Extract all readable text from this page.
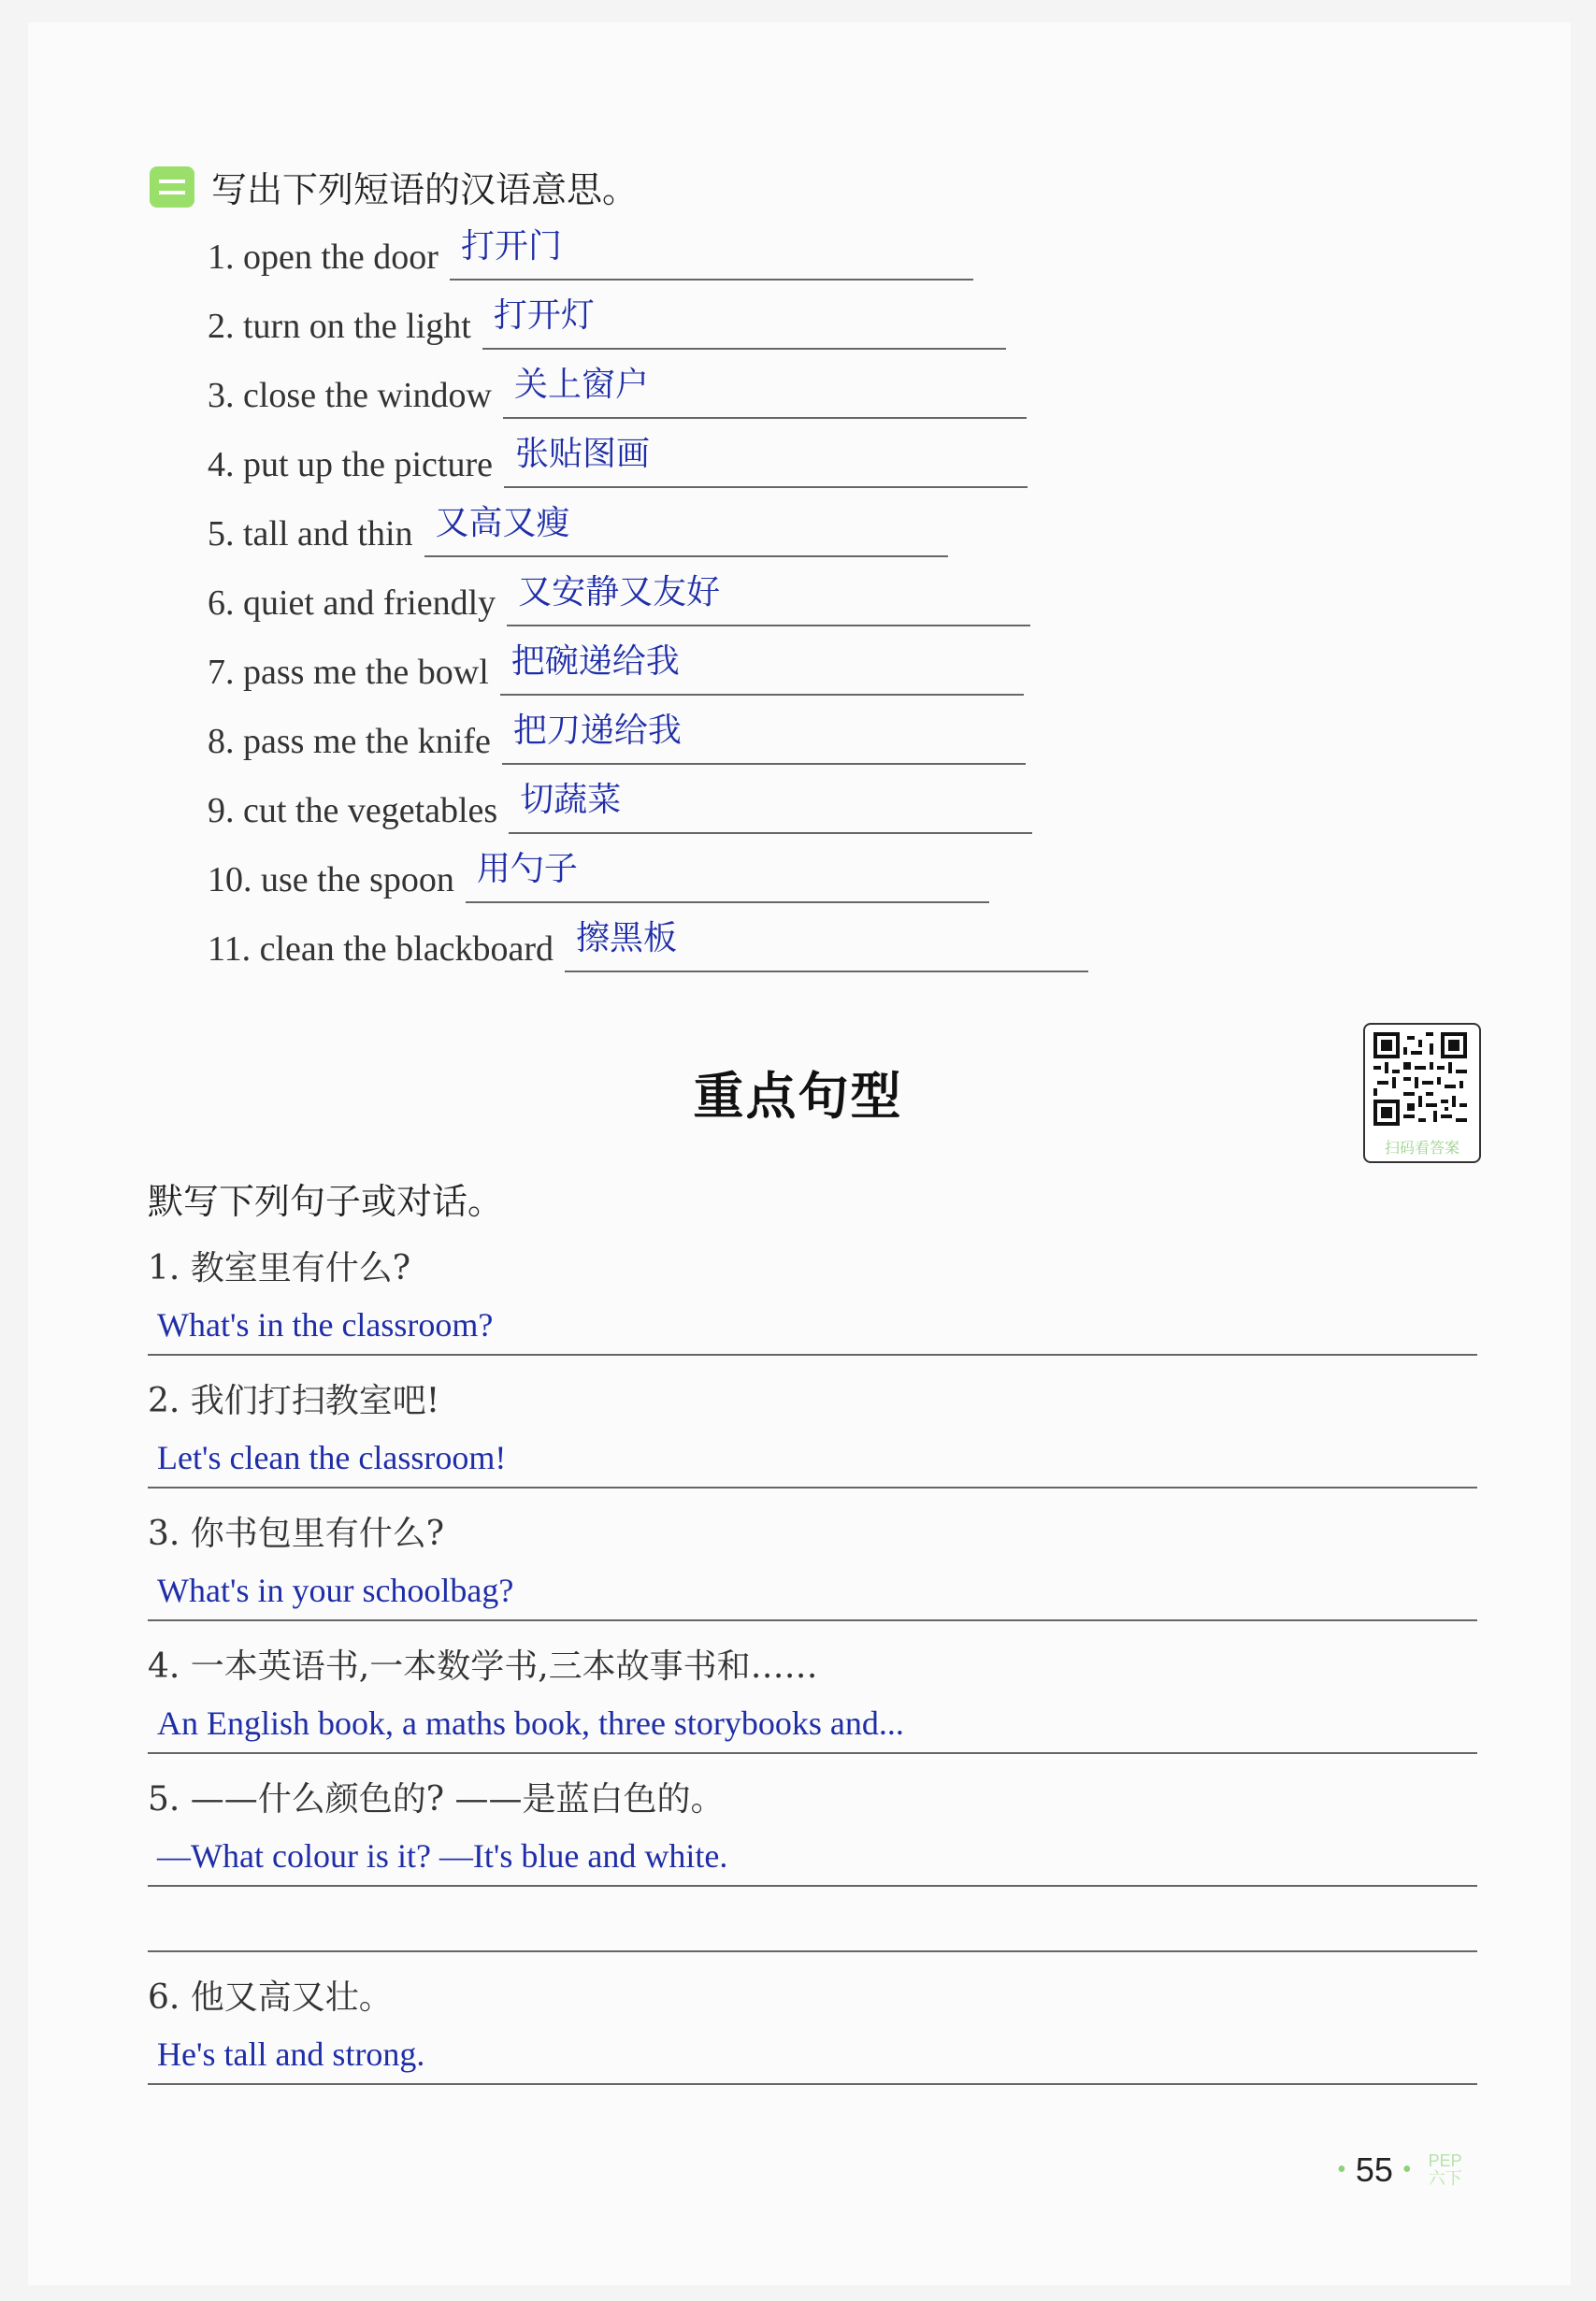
写出下列短语的汉语意思。
1. open the door 打开门
2. turn on the light 打开灯
3. close the window 关上窗户
4. put up the picture 张贴图画
5. tall and thin 又高又瘦
6. quiet and friendly 又安静又友好
7. pass me the bowl 把碗递给我
8. pass me the knife 把刀递给我
9. cut the vegetables 切蔬菜
10. use the spoon 用勺子
11. clean the blackboard 擦黑板
重点句型
扫码看答案
默写下列句子或对话。
1. 教室里有什么?
What's in the classroom?
2. 我们打扫教室吧!
Let's clean the classroom!
3. 你书包里有什么?
What's in your schoolbag?
4. 一本英语书,一本数学书,三本故事书和……
An English book, a maths book, three storybooks and...
5. ——什么颜色的? ——是蓝白色的。
—What colour is it? —It's blue and white.
6. 他又高又壮。
He's tall and strong.
• 55 • PEP
六下
